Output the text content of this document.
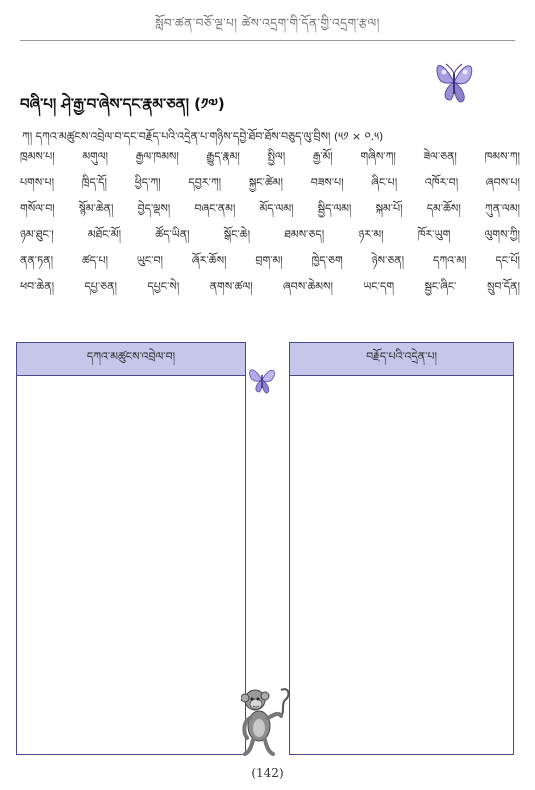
སློབ་ཚན་བཅོ་ལྔ་པ། ཚེས་འདྲག་གི་དོན་གྱི་འདྲག་རྩལ།
བཞི་པ། ཤེ་རྒྱ་བ་ཞེས་དང་རྣམ་ཅན། (༡༧)
ཀ། དཀའ་མཚུངས་འབྲེལ་བ་དང་བརྗོད་པའི་འདྲེན་པ་གཉིས་དབྱེ་ཐོབ་ཐོས་བཅུད་ལུ་བྲིས། (༥༡ × ༠.༥)
ཁྲམས་པ།	མགུལ།	རྒྱལ་ཁམས།	རྒྱུད་རྣམ།	སྤྱིལ།	རྒྱ་མོ།	གཞིས་ཀ།	ཟེལ་ཅན།	ཁམས་ཀ།
པགས་པ།	ཁྲིད་དོ།	ཕྱིད་ཀ།	དབྱར་ཀ།	སྐྱང་ཚེམ།	བཟས་པ།	ཞིང་པ།	འཁོར་བ།	ཞབས་པ།
གསོལ་བ། སྙོམ་ཆེན། བྱེད་ལྡས། བཞང་ནམ། མོད་ལམ། སྦྱིད་ལམ། སྐམ་པོ། དམ་ཆོས། ཀུན་ལམ།
ཉམ་ཐུང་།	མཐོང་མོ།	ཚོད་ཡིན།	སྒོང་ཆེ།	ཐམས་ཅད།	ཉར་མ།	ཁོར་ཡུག	ལུགས་ཀྱི།
ནན་ཏན།	ཚད་པ།	ཡུང་བ།	ཞོར་ཆོས།	བྲག་མ།	ཁྱེད་ཅག	ཉེས་ཅན།	དཀའ་མ།	དང་པོ།
ཕབ་ཆེན།	དཔྱ་ཅན།	དཔྱང་སེ།	ནགས་ཚལ།	ཞབས་ཆེམས།	ཡང་དག	སྦྱང་ཞིང་	སྲུབ་དོན།
དཀའ་མཚུངས་འབྲེལ་བ།	བརྗོད་པའི་འདྲེན་པ།
(142)
